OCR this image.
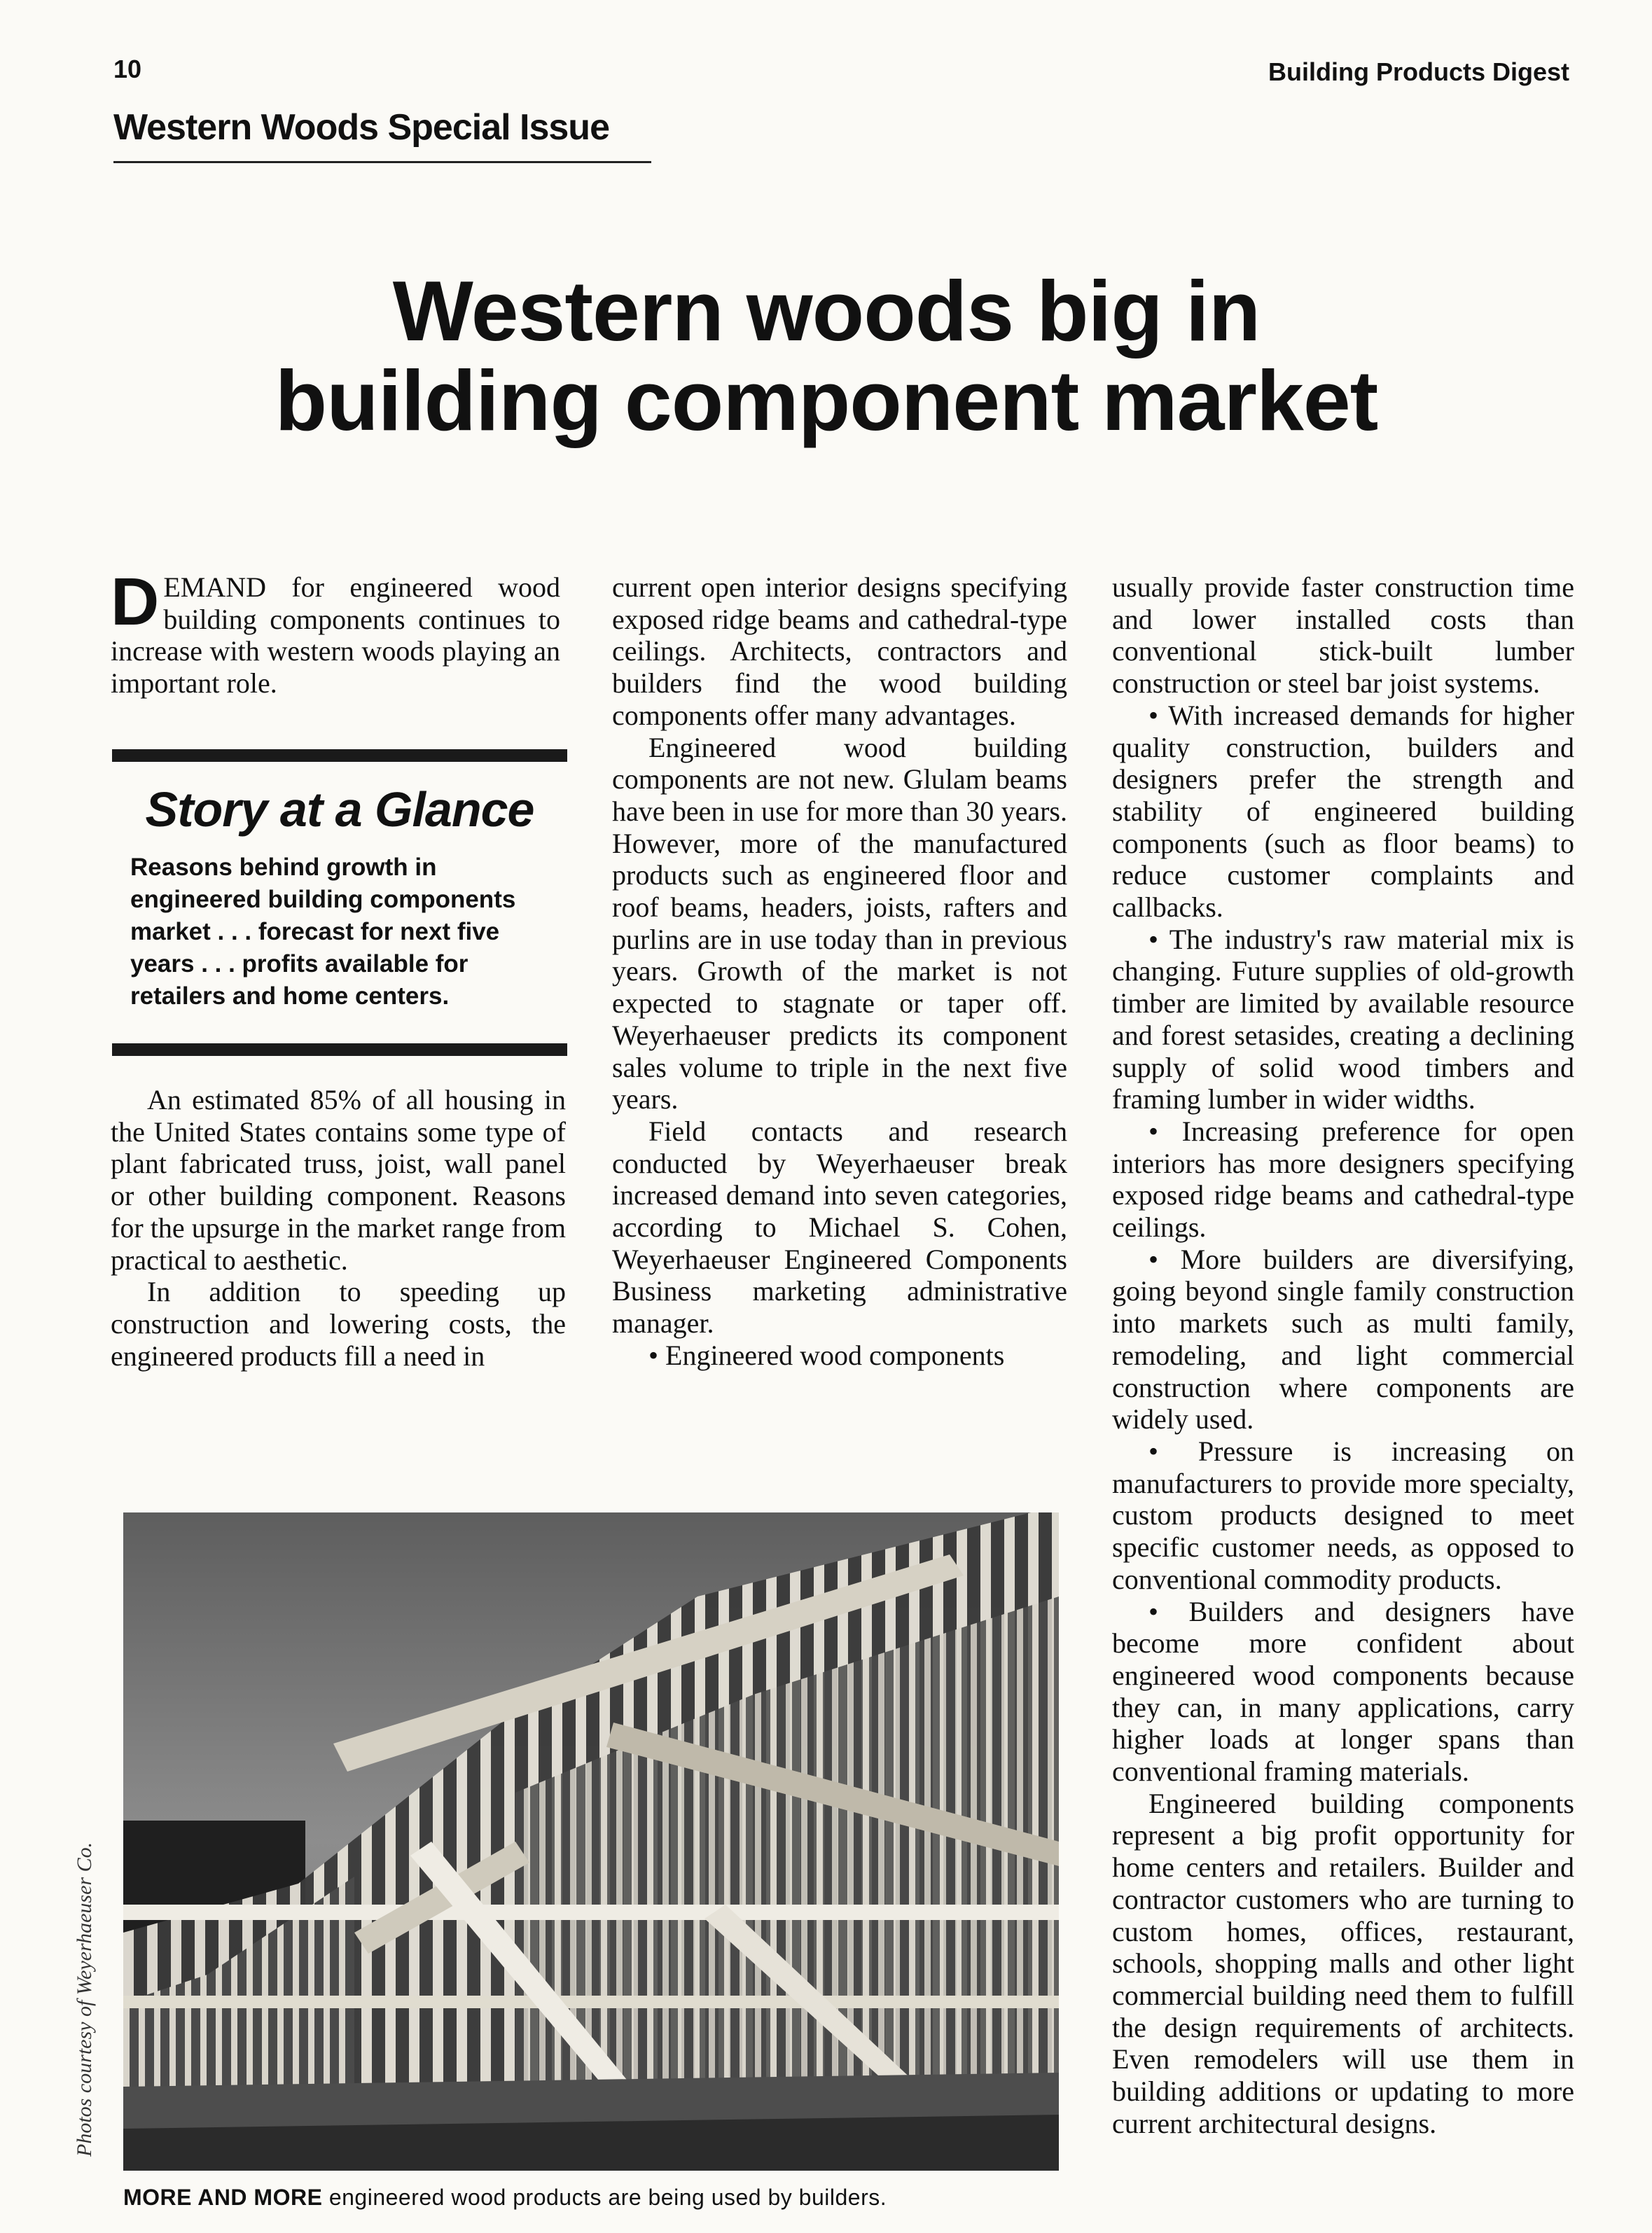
10	Building Products Digest
Western Woods Special Issue
Western woods big in
building component market

DEMAND for engineered wood building components continues to increase with western woods playing an important role.

Story at a Glance
Reasons behind growth in engineered building components market . . . forecast for next five years . . . profits available for retailers and home centers.

An estimated 85% of all housing in the United States contains some type of plant fabricated truss, joist, wall panel or other building component. Reasons for the upsurge in the market range from practical to aesthetic.

In addition to speeding up construction and lowering costs, the engineered products fill a need in

current open interior designs specifying exposed ridge beams and cathedral-type ceilings. Architects, contractors and builders find the wood building components offer many advantages.

Engineered wood building components are not new. Glulam beams have been in use for more than 30 years. However, more of the manufactured products such as engineered floor and roof beams, headers, joists, rafters and purlins are in use today than in previous years. Growth of the market is not expected to stagnate or taper off. Weyerhaeuser predicts its component sales volume to triple in the next five years.

Field contacts and research conducted by Weyerhaeuser break increased demand into seven categories, according to Michael S. Cohen, Weyerhaeuser Engineered Components Business marketing administrative manager.

• Engineered wood components

usually provide faster construction time and lower installed costs than conventional stick-built lumber construction or steel bar joist systems.

• With increased demands for higher quality construction, builders and designers prefer the strength and stability of engineered building components (such as floor beams) to reduce customer complaints and callbacks.

• The industry's raw material mix is changing. Future supplies of old-growth timber are limited by available resource and forest setasides, creating a declining supply of solid wood timbers and framing lumber in wider widths.

• Increasing preference for open interiors has more designers specifying exposed ridge beams and cathedral-type ceilings.

• More builders are diversifying, going beyond single family construction into markets such as multi family, remodeling, and light commercial construction where components are widely used.

• Pressure is increasing on manufacturers to provide more specialty, custom products designed to meet specific customer needs, as opposed to conventional commodity products.

• Builders and designers have become more confident about engineered wood components because they can, in many applications, carry higher loads at longer spans than conventional framing materials.

Engineered building components represent a big profit opportunity for home centers and retailers. Builder and contractor customers who are turning to custom homes, offices, restaurant, schools, shopping malls and other light commercial building need them to fulfill the design requirements of architects. Even remodelers will use them in building additions or updating to more current architectural designs.

Photos courtesy of Weyerhaeuser Co.
MORE AND MORE engineered wood products are being used by builders.
